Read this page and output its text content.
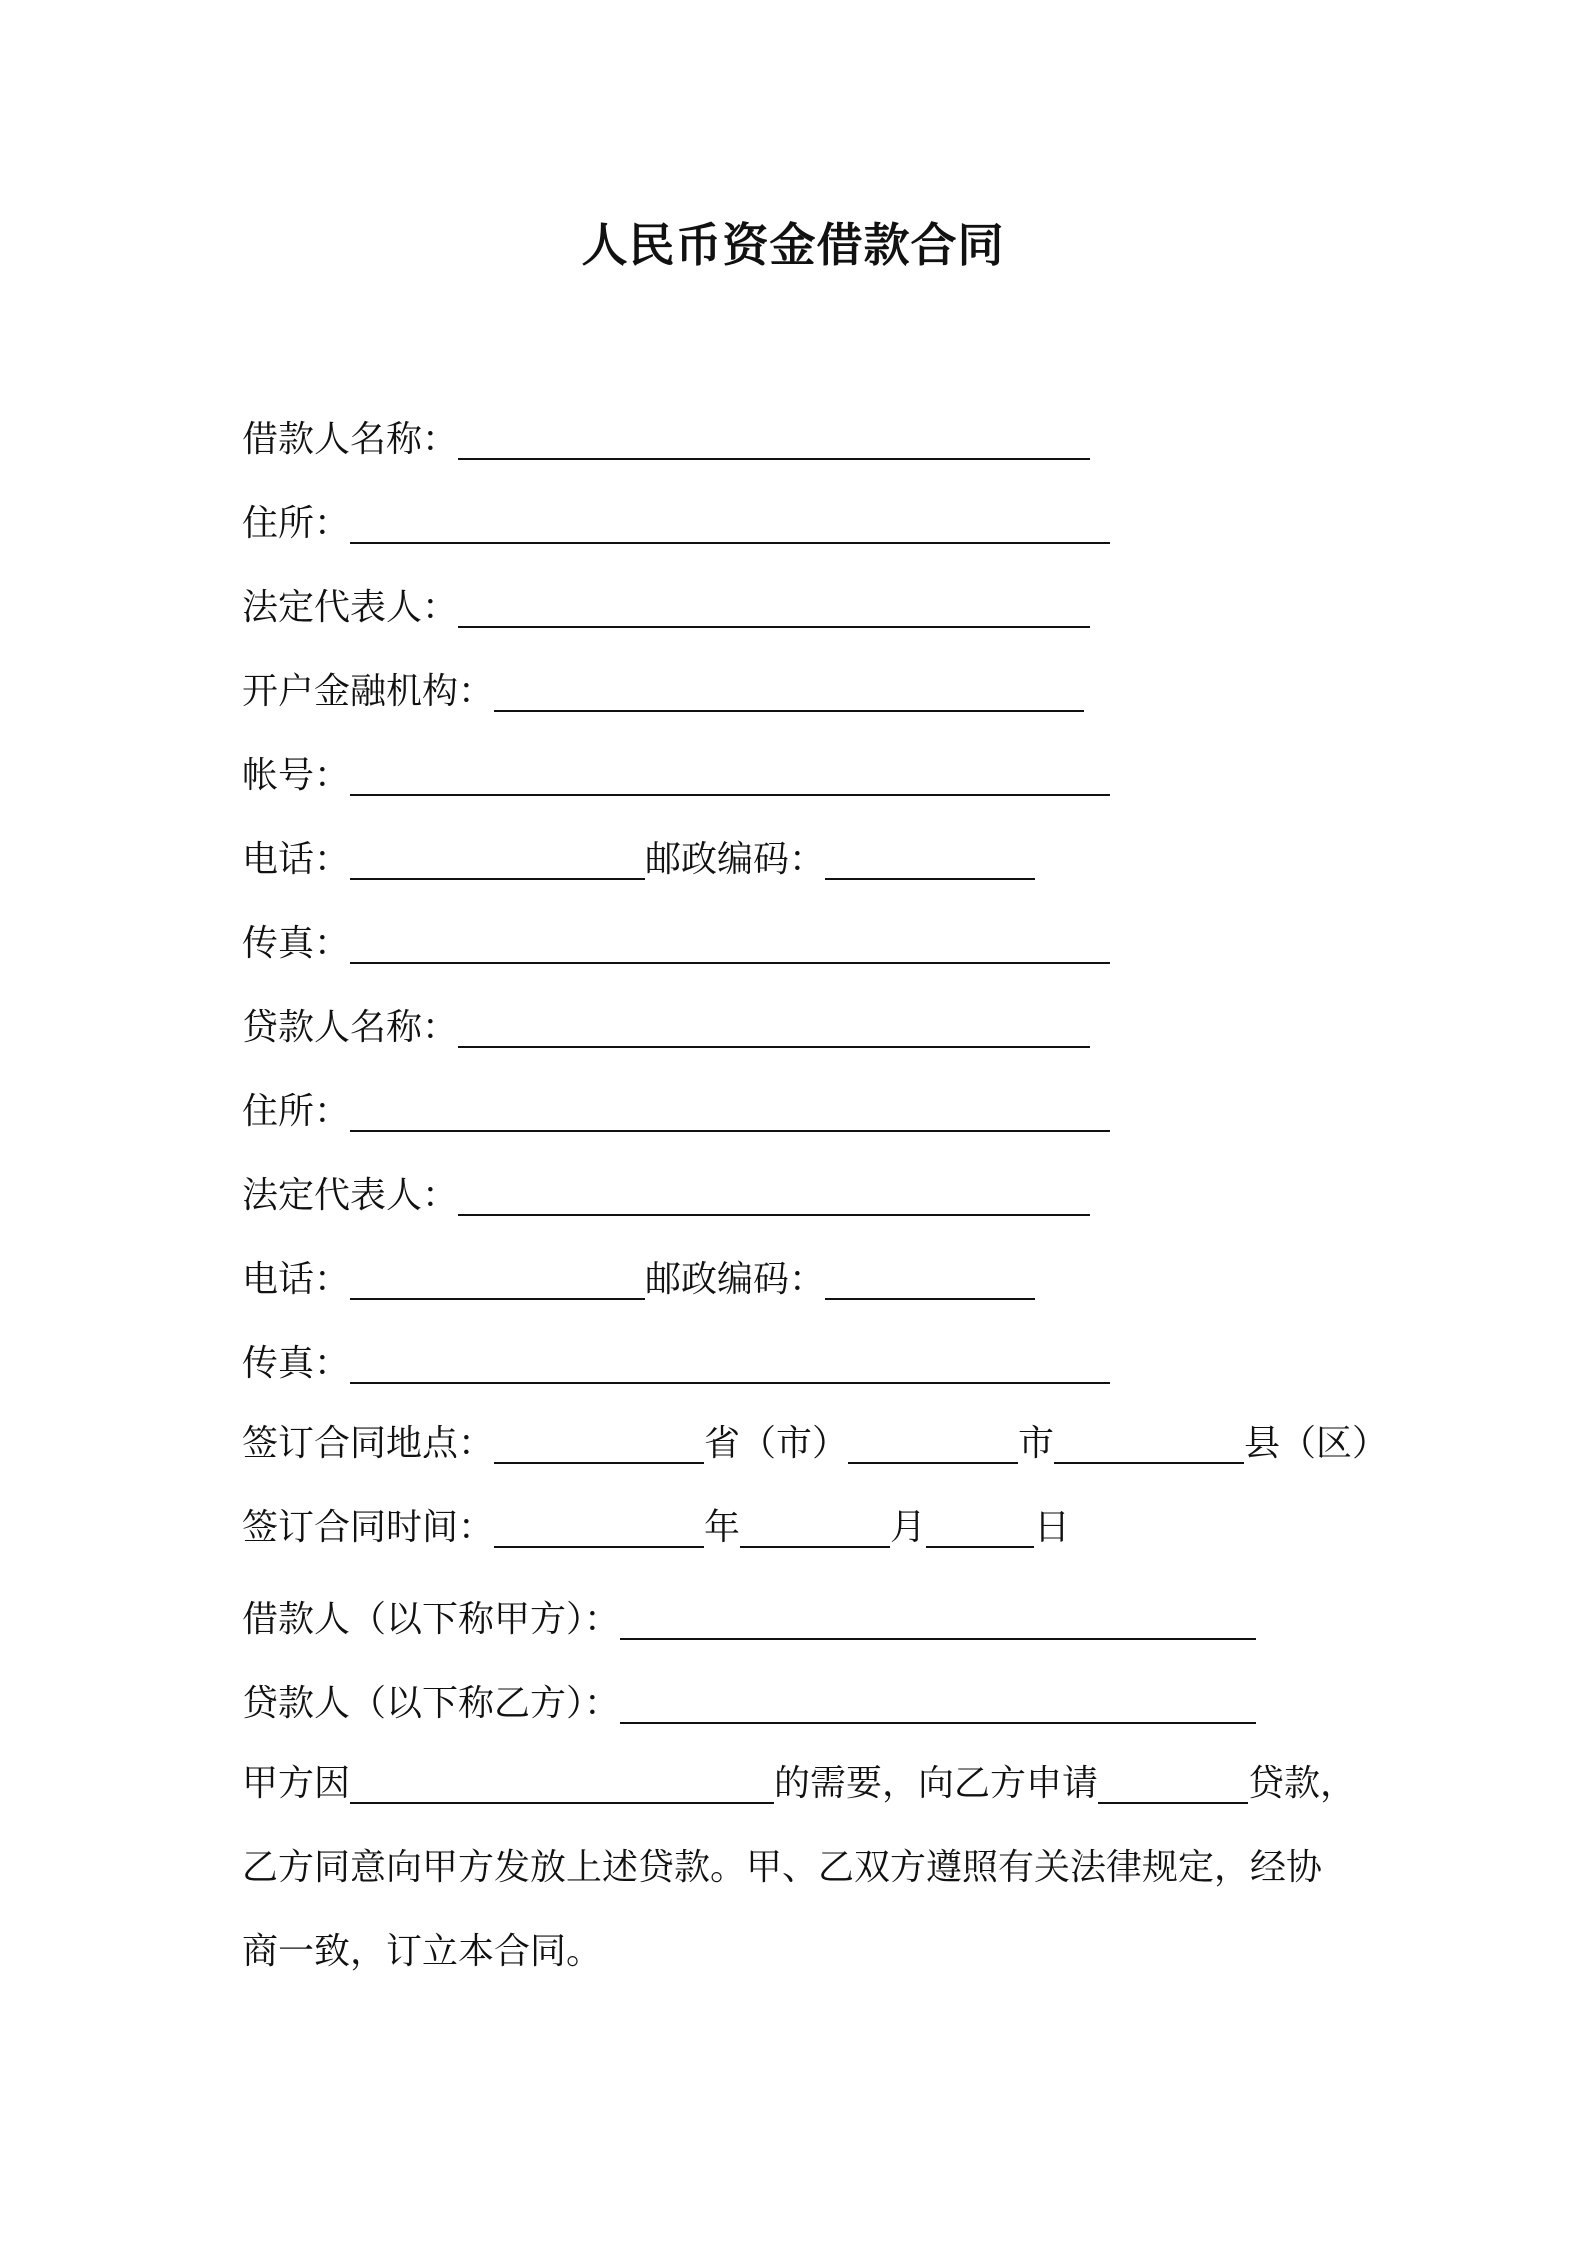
人民币资金借款合同
借款人名称：
住所：
法定代表人：
开户金融机构：
帐号：
电话：	邮政编码：
传真：
贷款人名称：
住所：
法定代表人：
电话：	邮政编码：
传真：
签订合同地点：	省（市）	市	县（区）
签订合同时间：	年	月	日
借款人（以下称甲方）：
贷款人（以下称乙方）：
甲方因	的需要，向乙方申请	贷款，
乙方同意向甲方发放上述贷款。甲、乙双方遵照有关法律规定，经协
商一致，订立本合同。
